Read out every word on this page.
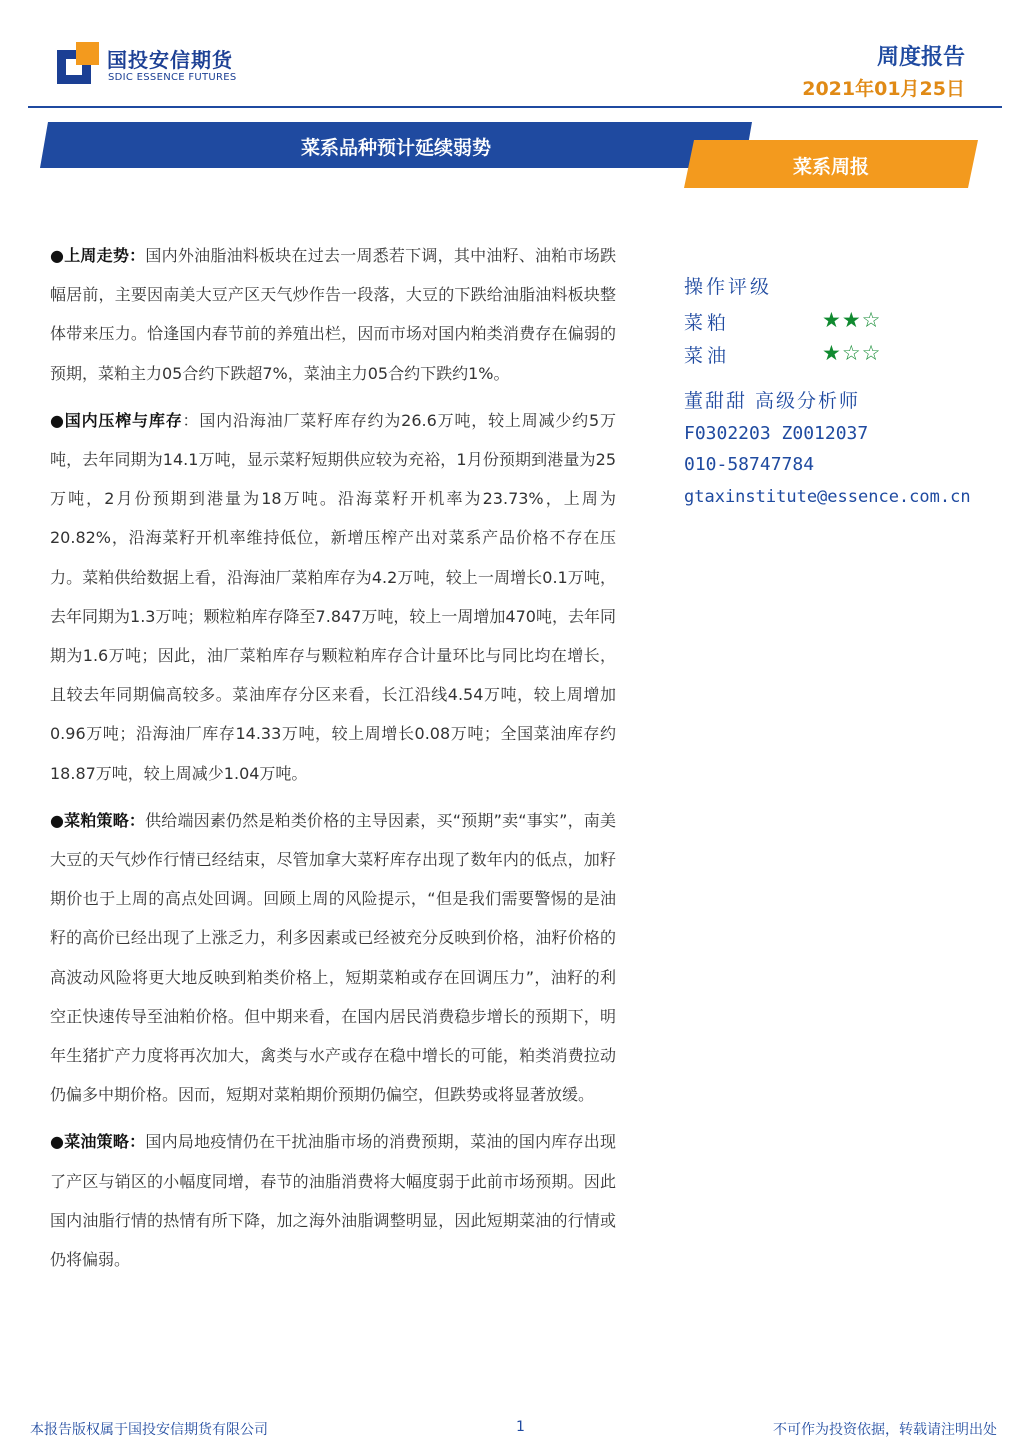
国投安信期货
SDIC ESSENCE FUTURES
周度报告
2021年01月25日
菜系品种预计延续弱势
菜系周报

●上周走势：国内外油脂油料板块在过去一周悉若下调，其中油籽、油粕市场跌幅居前，主要因南美大豆产区天气炒作告一段落，大豆的下跌给油脂油料板块整体带来压力。恰逢国内春节前的养殖出栏，因而市场对国内粕类消费存在偏弱的预期，菜粕主力05合约下跌超7%，菜油主力05合约下跌约1%。

●国内压榨与库存：国内沿海油厂菜籽库存约为26.6万吨，较上周减少约5万吨，去年同期为14.1万吨，显示菜籽短期供应较为充裕，1月份预期到港量为25万吨，2月份预期到港量为18万吨。沿海菜籽开机率为23.73%，上周为20.82%，沿海菜籽开机率维持低位，新增压榨产出对菜系产品价格不存在压力。菜粕供给数据上看，沿海油厂菜粕库存为4.2万吨，较上一周增长0.1万吨，去年同期为1.3万吨；颗粒粕库存降至7.847万吨，较上一周增加470吨，去年同期为1.6万吨；因此，油厂菜粕库存与颗粒粕库存合计量环比与同比均在增长，且较去年同期偏高较多。菜油库存分区来看，长江沿线4.54万吨，较上周增加0.96万吨；沿海油厂库存14.33万吨，较上周增长0.08万吨；全国菜油库存约18.87万吨，较上周减少1.04万吨。

●菜粕策略：供给端因素仍然是粕类价格的主导因素，买“预期”卖“事实”，南美大豆的天气炒作行情已经结束，尽管加拿大菜籽库存出现了数年内的低点，加籽期价也于上周的高点处回调。回顾上周的风险提示，“但是我们需要警惕的是油籽的高价已经出现了上涨乏力，利多因素或已经被充分反映到价格，油籽价格的高波动风险将更大地反映到粕类价格上，短期菜粕或存在回调压力”，油籽的利空正快速传导至油粕价格。但中期来看，在国内居民消费稳步增长的预期下，明年生猪扩产力度将再次加大，禽类与水产或存在稳中增长的可能，粕类消费拉动仍偏多中期价格。因而，短期对菜粕期价预期仍偏空，但跌势或将显著放缓。

●菜油策略：国内局地疫情仍在干扰油脂市场的消费预期，菜油的国内库存出现了产区与销区的小幅度同增，春节的油脂消费将大幅度弱于此前市场预期。因此国内油脂行情的热情有所下降，加之海外油脂调整明显，因此短期菜油的行情或仍将偏弱。

操作评级
菜粕	★★☆
菜油	★☆☆
董甜甜 高级分析师
F0302203 Z0012037
010-58747784
gtaxinstitute@essence.com.cn
本报告版权属于国投安信期货有限公司	1	不可作为投资依据，转载请注明出处
